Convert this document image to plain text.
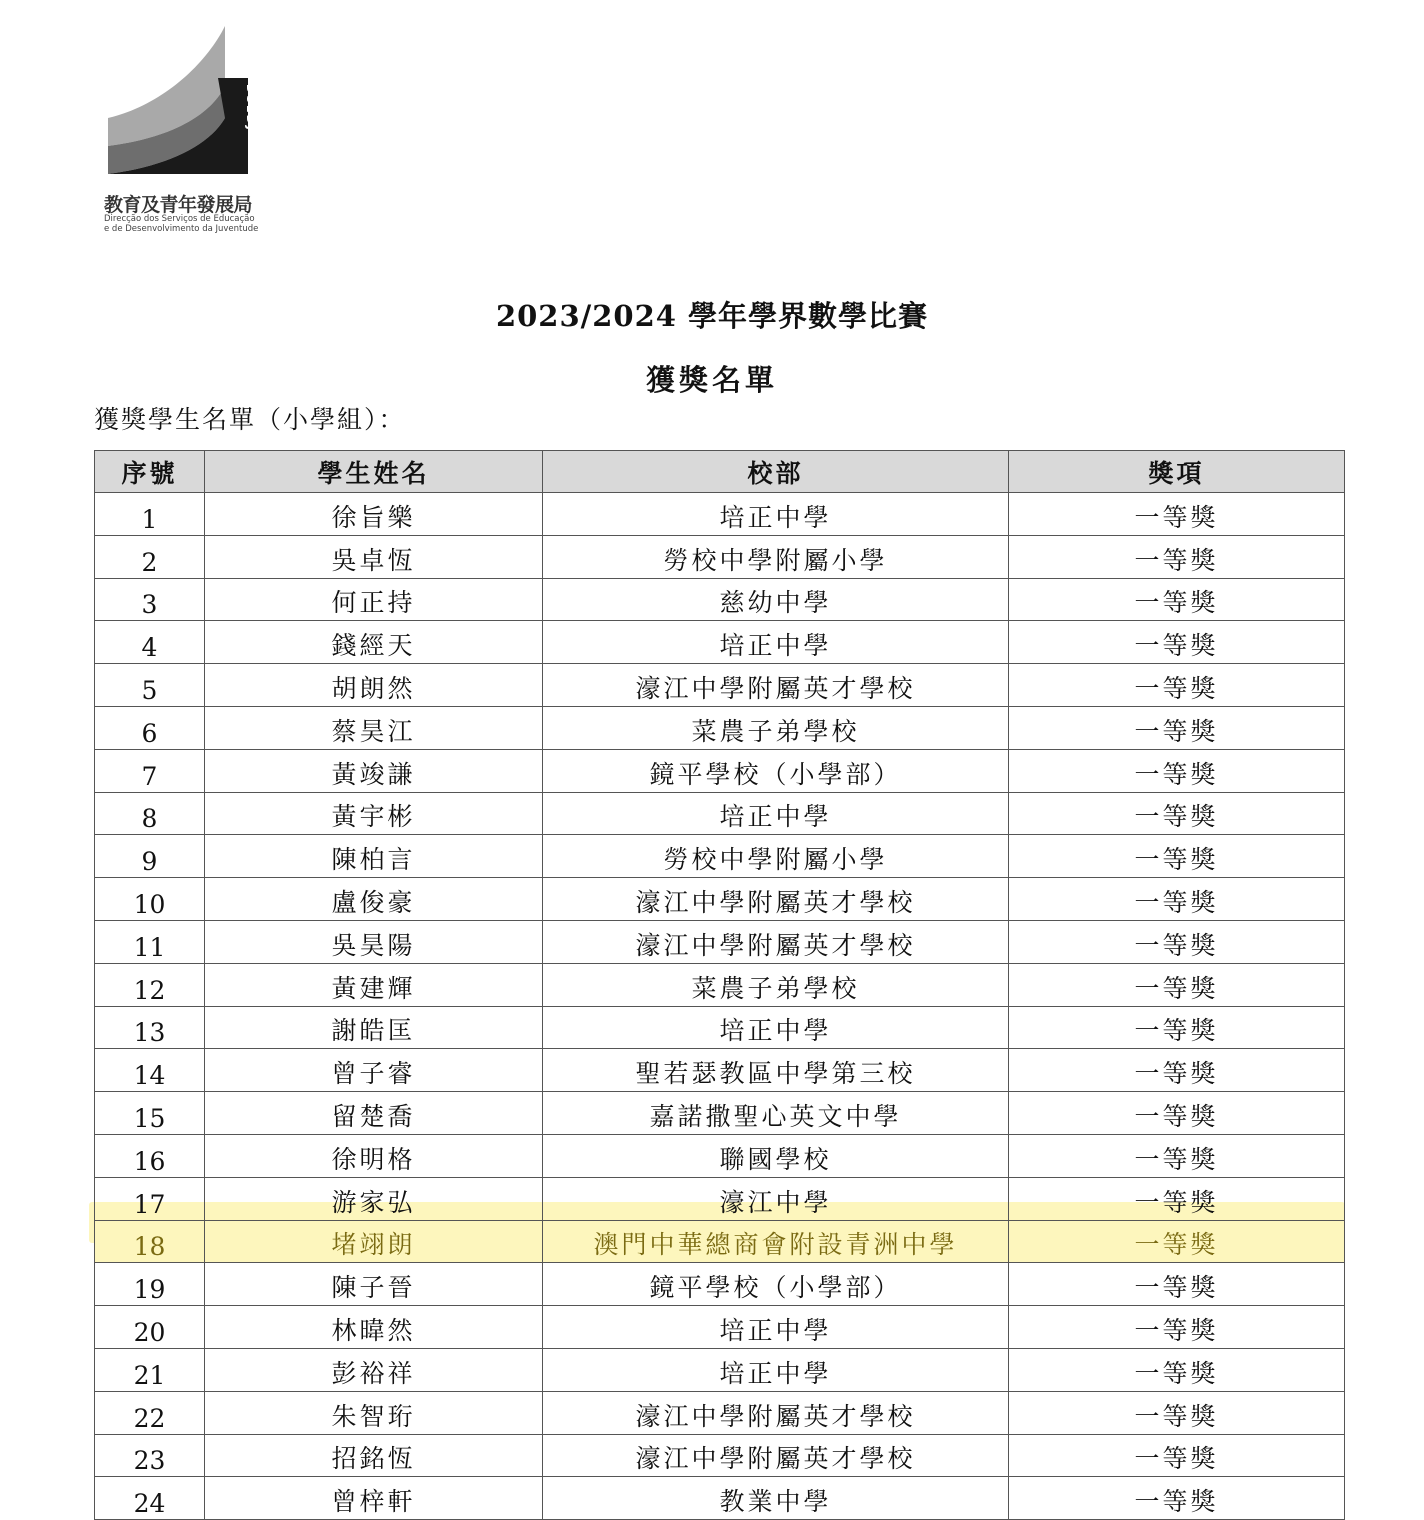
DSEDJ
教育及青年發展局
Direcção dos Serviços de Educação
e de Desenvolvimento da Juventude
2023/2024 學年學界數學比賽
獲獎名單
獲獎學生名單（小學組）：
序號	學生姓名	校部	獎項
1	徐旨樂	培正中學	一等獎
2	吳卓恆	勞校中學附屬小學	一等獎
3	何正持	慈幼中學	一等獎
4	錢經天	培正中學	一等獎
5	胡朗然	濠江中學附屬英才學校	一等獎
6	蔡昊江	菜農子弟學校	一等獎
7	黃竣謙	鏡平學校（小學部）	一等獎
8	黃宇彬	培正中學	一等獎
9	陳柏言	勞校中學附屬小學	一等獎
10	盧俊豪	濠江中學附屬英才學校	一等獎
11	吳昊陽	濠江中學附屬英才學校	一等獎
12	黃建輝	菜農子弟學校	一等獎
13	謝皓匡	培正中學	一等獎
14	曾子睿	聖若瑟教區中學第三校	一等獎
15	留楚喬	嘉諾撒聖心英文中學	一等獎
16	徐明格	聯國學校	一等獎
17	游家弘	濠江中學	一等獎
18	堵翊朗	澳門中華總商會附設青洲中學	一等獎
19	陳子晉	鏡平學校（小學部）	一等獎
20	林暐然	培正中學	一等獎
21	彭裕祥	培正中學	一等獎
22	朱智珩	濠江中學附屬英才學校	一等獎
23	招銘恆	濠江中學附屬英才學校	一等獎
24	曾梓軒	教業中學	一等獎
